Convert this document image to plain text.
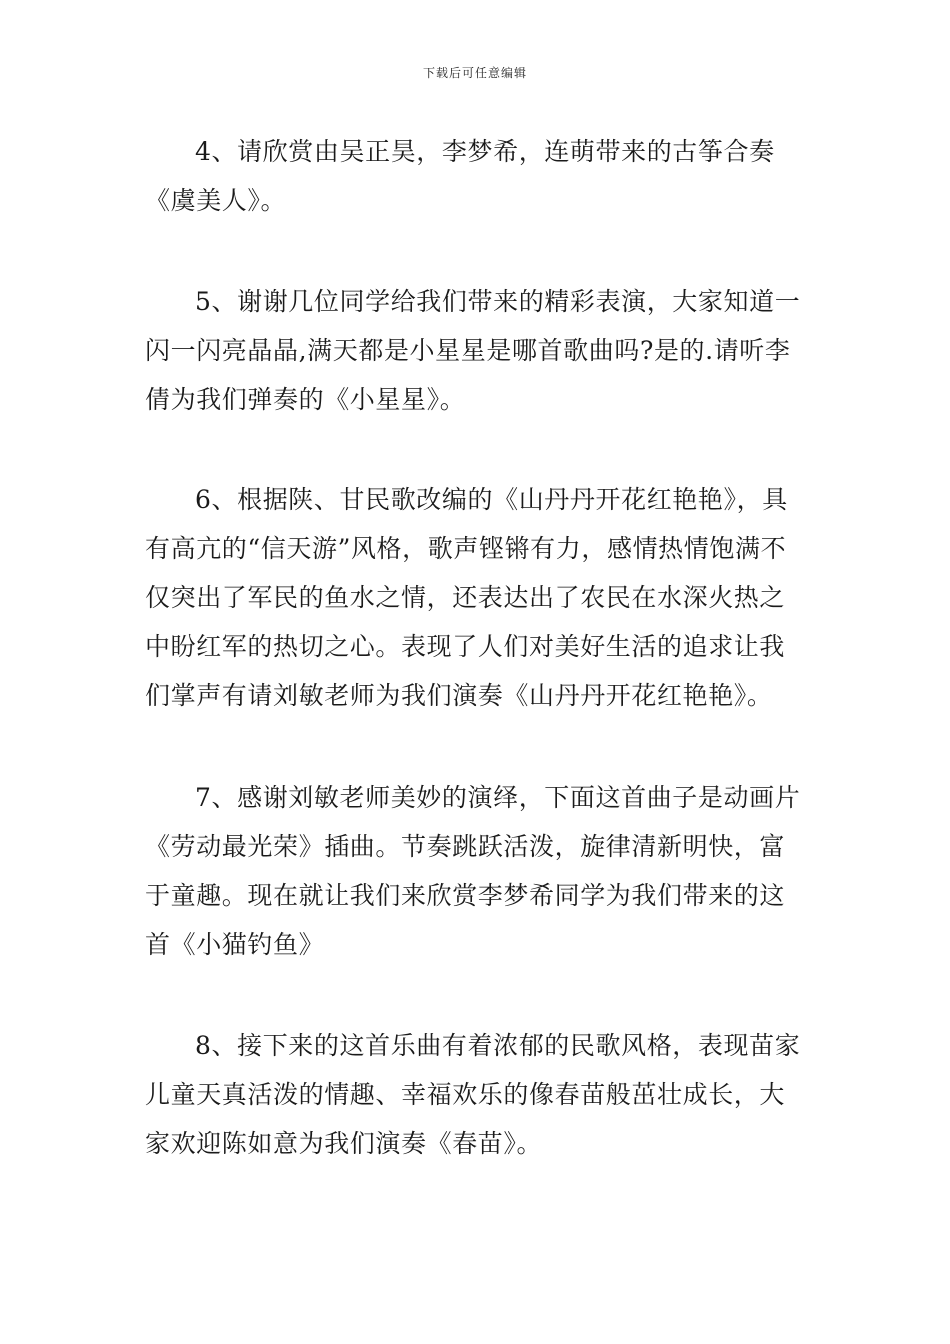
下载后可任意编辑

4、请欣赏由吴正昊，李梦希，连萌带来的古筝合奏《虞美人》。

5、谢谢几位同学给我们带来的精彩表演，大家知道一闪一闪亮晶晶,满天都是小星星是哪首歌曲吗?是的.请听李倩为我们弹奏的《小星星》。

6、根据陕、甘民歌改编的《山丹丹开花红艳艳》，具有高亢的“信天游”风格，歌声铿锵有力，感情热情饱满不仅突出了军民的鱼水之情，还表达出了农民在水深火热之中盼红军的热切之心。表现了人们对美好生活的追求让我们掌声有请刘敏老师为我们演奏《山丹丹开花红艳艳》。

7、感谢刘敏老师美妙的演绎，下面这首曲子是动画片《劳动最光荣》插曲。节奏跳跃活泼，旋律清新明快，富于童趣。现在就让我们来欣赏李梦希同学为我们带来的这首《小猫钓鱼》

8、接下来的这首乐曲有着浓郁的民歌风格，表现苗家儿童天真活泼的情趣、幸福欢乐的像春苗般茁壮成长，大家欢迎陈如意为我们演奏《春苗》。
